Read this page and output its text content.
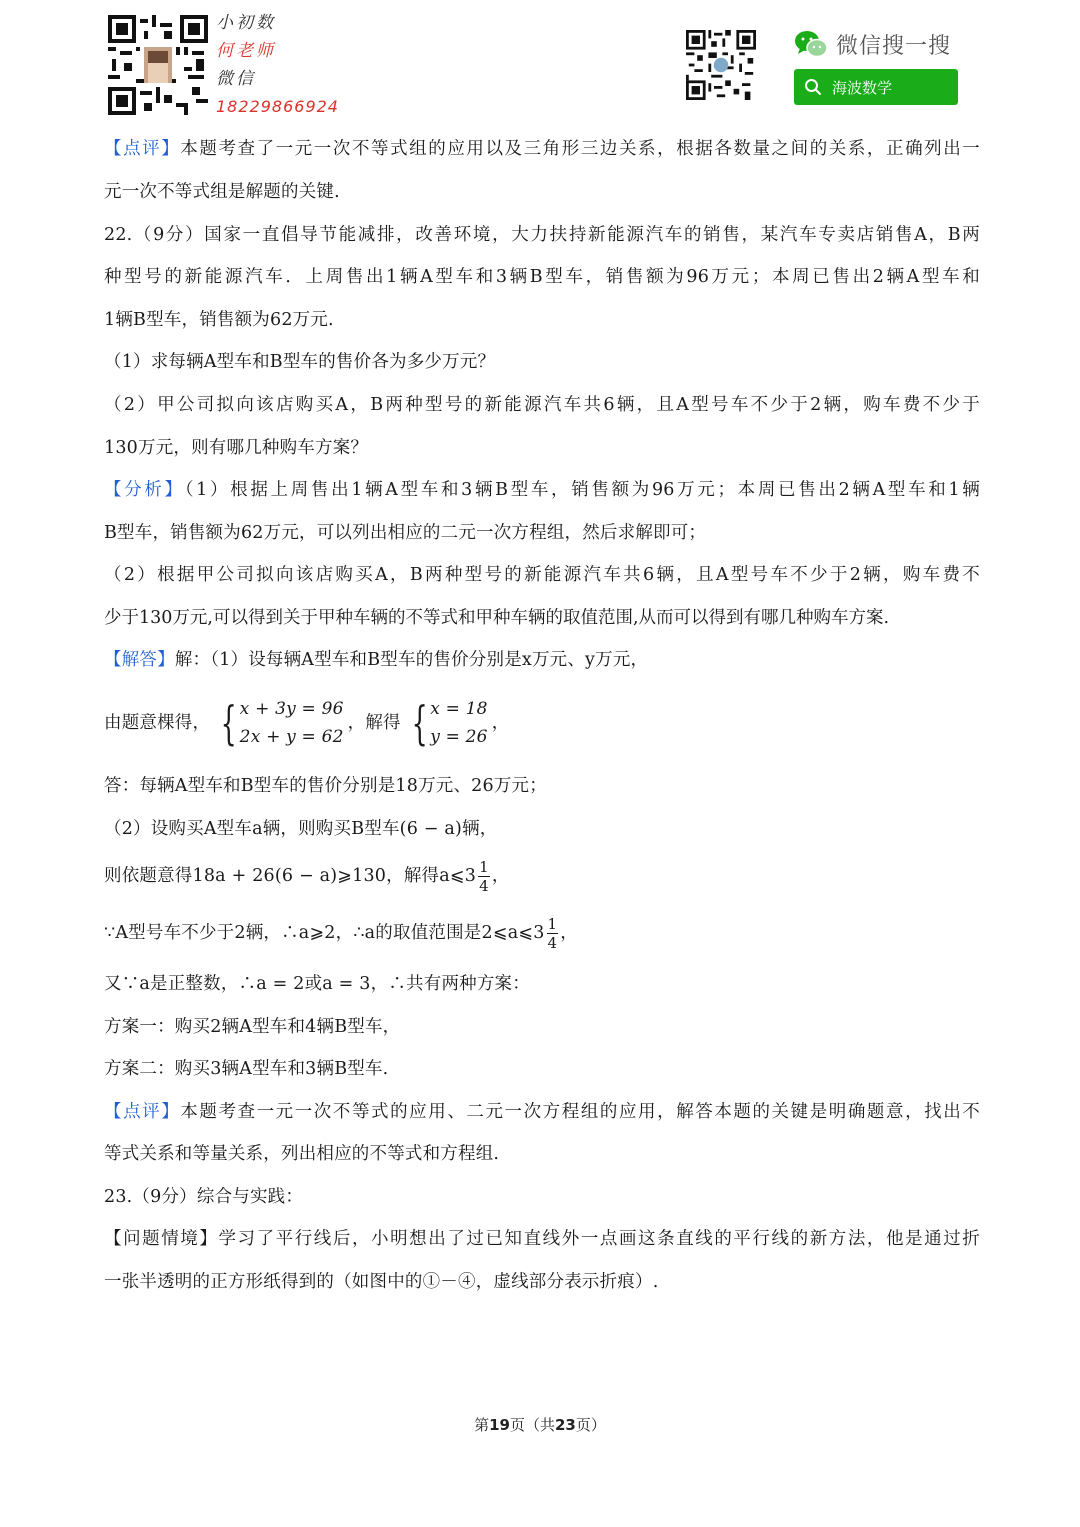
小初数
何老师
微信
18229866924
微信搜一搜
海波数学
【点评】本题考查了一元一次不等式组的应用以及三角形三边关系，根据各数量之间的关系，正确列出一
元一次不等式组是解题的关键.
22.（9分）国家一直倡导节能减排，改善环境，大力扶持新能源汽车的销售，某汽车专卖店销售A，B两
种型号的新能源汽车．上周售出1辆A型车和3辆B型车，销售额为96万元；本周已售出2辆A型车和
1辆B型车，销售额为62万元.
（1）求每辆A型车和B型车的售价各为多少万元？
（2）甲公司拟向该店购买A，B两种型号的新能源汽车共6辆，且A型号车不少于2辆，购车费不少于
130万元，则有哪几种购车方案？
【分析】（1）根据上周售出1辆A型车和3辆B型车，销售额为96万元；本周已售出2辆A型车和1辆
B型车，销售额为62万元，可以列出相应的二元一次方程组，然后求解即可；
（2）根据甲公司拟向该店购买A，B两种型号的新能源汽车共6辆，且A型号车不少于2辆，购车费不
少于130万元,可以得到关于甲种车辆的不等式和甲种车辆的取值范围,从而可以得到有哪几种购车方案.
【解答】解：（1）设每辆A型车和B型车的售价分别是x万元、y万元，
由题意棵得， { x + 3y = 96
2x + y = 62
，解得 { x = 18
y = 26
，
答：每辆A型车和B型车的售价分别是18万元、26万元；
（2）设购买A型车a辆，则购买B型车(6 − a)辆，
则依题意得18a + 26(6 − a)⩾130，解得a⩽3 $\frac{1}{4}$ ，
∵A型号车不少于2辆，∴a⩾2，∴a的取值范围是2⩽a⩽3 $\frac{1}{4}$ ，
又∵a是正整数，∴a = 2或a = 3，∴共有两种方案：
方案一：购买2辆A型车和4辆B型车，
方案二：购买3辆A型车和3辆B型车.
【点评】本题考查一元一次不等式的应用、二元一次方程组的应用，解答本题的关键是明确题意，找出不
等式关系和等量关系，列出相应的不等式和方程组.
23.（9分）综合与实践：
【问题情境】学习了平行线后，小明想出了过已知直线外一点画这条直线的平行线的新方法，他是通过折
一张半透明的正方形纸得到的（如图中的①－④，虚线部分表示折痕）.
第19页（共23页）
